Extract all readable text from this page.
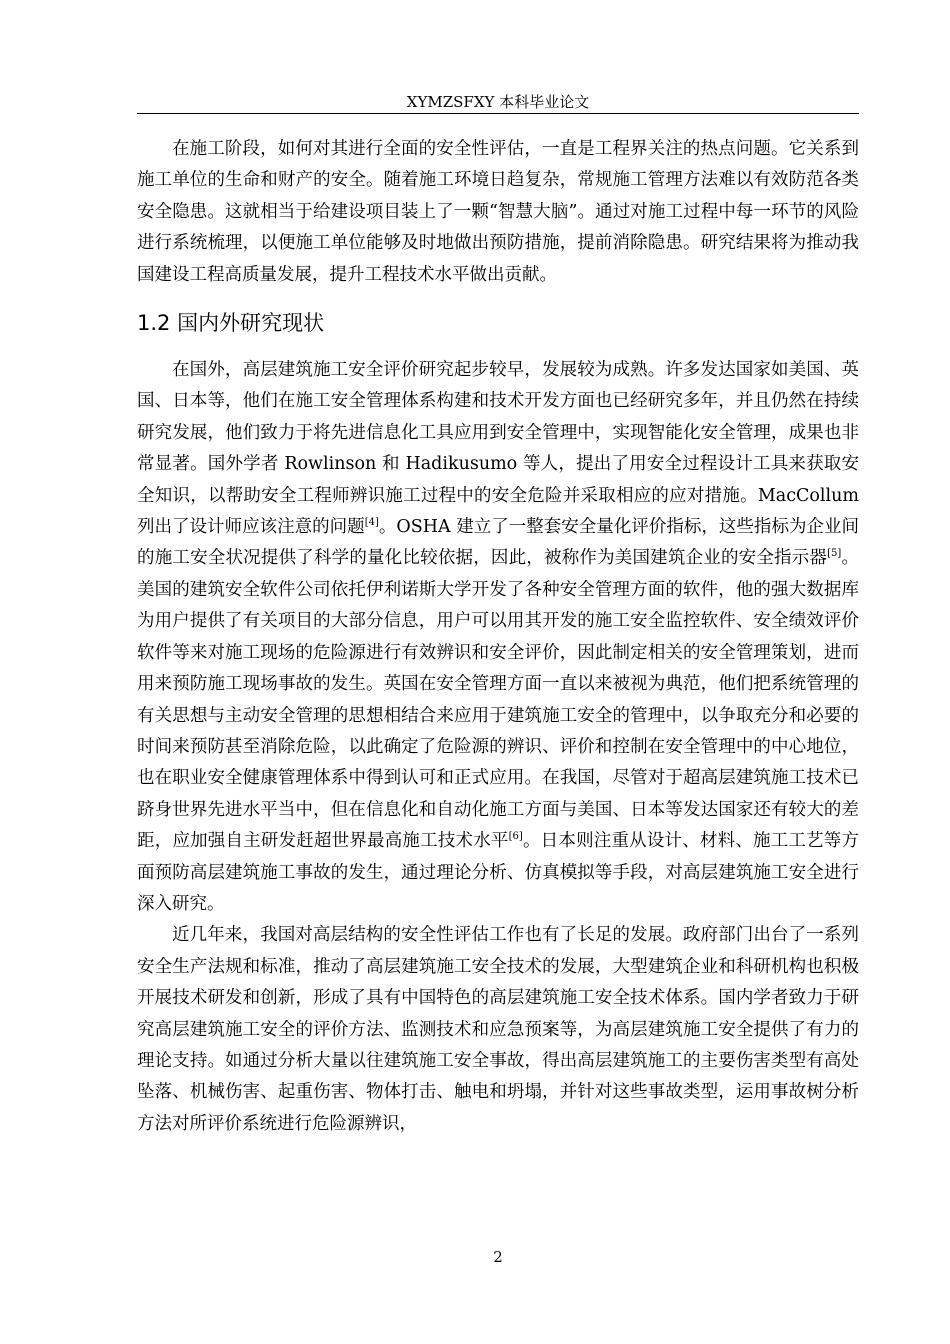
XYMZSFXY 本科毕业论文

在施工阶段，如何对其进行全面的安全性评估，一直是工程界关注的热点问题。它关系到施工单位的生命和财产的安全。随着施工环境日趋复杂，常规施工管理方法难以有效防范各类安全隐患。这就相当于给建设项目装上了一颗“智慧大脑”。通过对施工过程中每一环节的风险进行系统梳理，以便施工单位能够及时地做出预防措施，提前消除隐患。研究结果将为推动我国建设工程高质量发展，提升工程技术水平做出贡献。

1.2 国内外研究现状

在国外，高层建筑施工安全评价研究起步较早，发展较为成熟。许多发达国家如美国、英国、日本等，他们在施工安全管理体系构建和技术开发方面也已经研究多年，并且仍然在持续研究发展，他们致力于将先进信息化工具应用到安全管理中，实现智能化安全管理，成果也非常显著。国外学者 Rowlinson 和 Hadikusumo 等人，提出了用安全过程设计工具来获取安全知识，以帮助安全工程师辨识施工过程中的安全危险并采取相应的应对措施。MacCollum 列出了设计师应该注意的问题[4]。OSHA 建立了一整套安全量化评价指标，这些指标为企业间的施工安全状况提供了科学的量化比较依据，因此，被称作为美国建筑企业的安全指示器[5]。美国的建筑安全软件公司依托伊利诺斯大学开发了各种安全管理方面的软件，他的强大数据库为用户提供了有关项目的大部分信息，用户可以用其开发的施工安全监控软件、安全绩效评价软件等来对施工现场的危险源进行有效辨识和安全评价，因此制定相关的安全管理策划，进而用来预防施工现场事故的发生。英国在安全管理方面一直以来被视为典范，他们把系统管理的有关思想与主动安全管理的思想相结合来应用于建筑施工安全的管理中，以争取充分和必要的时间来预防甚至消除危险，以此确定了危险源的辨识、评价和控制在安全管理中的中心地位，也在职业安全健康管理体系中得到认可和正式应用。在我国，尽管对于超高层建筑施工技术已跻身世界先进水平当中，但在信息化和自动化施工方面与美国、日本等发达国家还有较大的差距，应加强自主研发赶超世界最高施工技术水平[6]。日本则注重从设计、材料、施工工艺等方面预防高层建筑施工事故的发生，通过理论分析、仿真模拟等手段，对高层建筑施工安全进行深入研究。

近几年来，我国对高层结构的安全性评估工作也有了长足的发展。政府部门出台了一系列安全生产法规和标准，推动了高层建筑施工安全技术的发展，大型建筑企业和科研机构也积极开展技术研发和创新，形成了具有中国特色的高层建筑施工安全技术体系。国内学者致力于研究高层建筑施工安全的评价方法、监测技术和应急预案等，为高层建筑施工安全提供了有力的理论支持。如通过分析大量以往建筑施工安全事故，得出高层建筑施工的主要伤害类型有高处坠落、机械伤害、起重伤害、物体打击、触电和坍塌，并针对这些事故类型，运用事故树分析方法对所评价系统进行危险源辨识，

2
